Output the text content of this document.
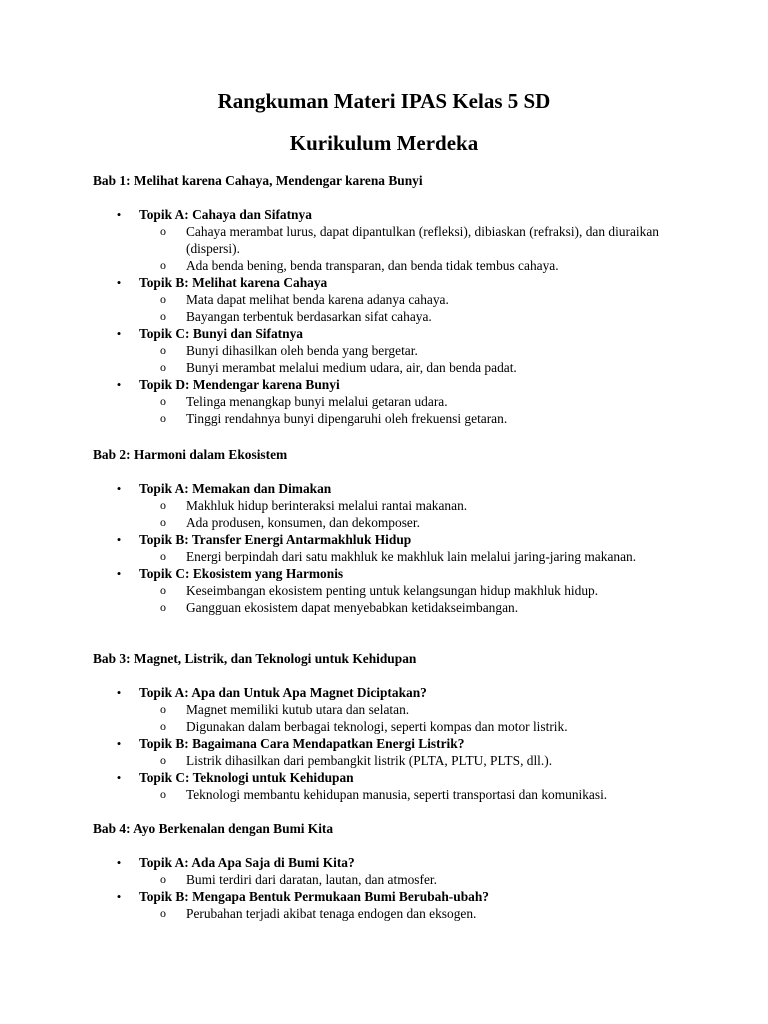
Rangkuman Materi IPAS Kelas 5 SD
Kurikulum Merdeka
Bab 1: Melihat karena Cahaya, Mendengar karena Bunyi
• Topik A: Cahaya dan Sifatnya
o Cahaya merambat lurus, dapat dipantulkan (refleksi), dibiaskan (refraksi), dan diuraikan (dispersi).
o Ada benda bening, benda transparan, dan benda tidak tembus cahaya.
• Topik B: Melihat karena Cahaya
o Mata dapat melihat benda karena adanya cahaya.
o Bayangan terbentuk berdasarkan sifat cahaya.
• Topik C: Bunyi dan Sifatnya
o Bunyi dihasilkan oleh benda yang bergetar.
o Bunyi merambat melalui medium udara, air, dan benda padat.
• Topik D: Mendengar karena Bunyi
o Telinga menangkap bunyi melalui getaran udara.
o Tinggi rendahnya bunyi dipengaruhi oleh frekuensi getaran.
Bab 2: Harmoni dalam Ekosistem
• Topik A: Memakan dan Dimakan
o Makhluk hidup berinteraksi melalui rantai makanan.
o Ada produsen, konsumen, dan dekomposer.
• Topik B: Transfer Energi Antarmakhluk Hidup
o Energi berpindah dari satu makhluk ke makhluk lain melalui jaring-jaring makanan.
• Topik C: Ekosistem yang Harmonis
o Keseimbangan ekosistem penting untuk kelangsungan hidup makhluk hidup.
o Gangguan ekosistem dapat menyebabkan ketidakseimbangan.
Bab 3: Magnet, Listrik, dan Teknologi untuk Kehidupan
• Topik A: Apa dan Untuk Apa Magnet Diciptakan?
o Magnet memiliki kutub utara dan selatan.
o Digunakan dalam berbagai teknologi, seperti kompas dan motor listrik.
• Topik B: Bagaimana Cara Mendapatkan Energi Listrik?
o Listrik dihasilkan dari pembangkit listrik (PLTA, PLTU, PLTS, dll.).
• Topik C: Teknologi untuk Kehidupan
o Teknologi membantu kehidupan manusia, seperti transportasi dan komunikasi.
Bab 4: Ayo Berkenalan dengan Bumi Kita
• Topik A: Ada Apa Saja di Bumi Kita?
o Bumi terdiri dari daratan, lautan, dan atmosfer.
• Topik B: Mengapa Bentuk Permukaan Bumi Berubah-ubah?
o Perubahan terjadi akibat tenaga endogen dan eksogen.
